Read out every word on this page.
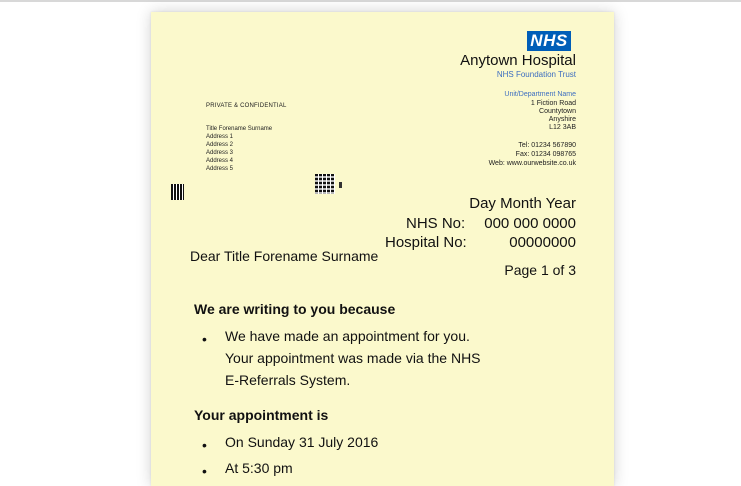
NHS
Anytown Hospital
NHS Foundation Trust
Unit/Department Name
1 Fiction Road
Countytown
Anyshire
L12 3AB
Tel: 01234 567890
Fax: 01234 098765
Web: www.ourwebsite.co.uk
PRIVATE & CONFIDENTIAL
Title Forename Surname
Address 1
Address 2
Address 3
Address 4
Address 5
Day Month Year
NHS No: 000 000 0000
Hospital No:	00000000
Dear Title Forename Surname
Page 1 of 3
We are writing to you because
• We have made an appointment for you.
Your appointment was made via the NHS
E-Referrals System.
Your appointment is
• On Sunday 31 July 2016
• At 5:30 pm
